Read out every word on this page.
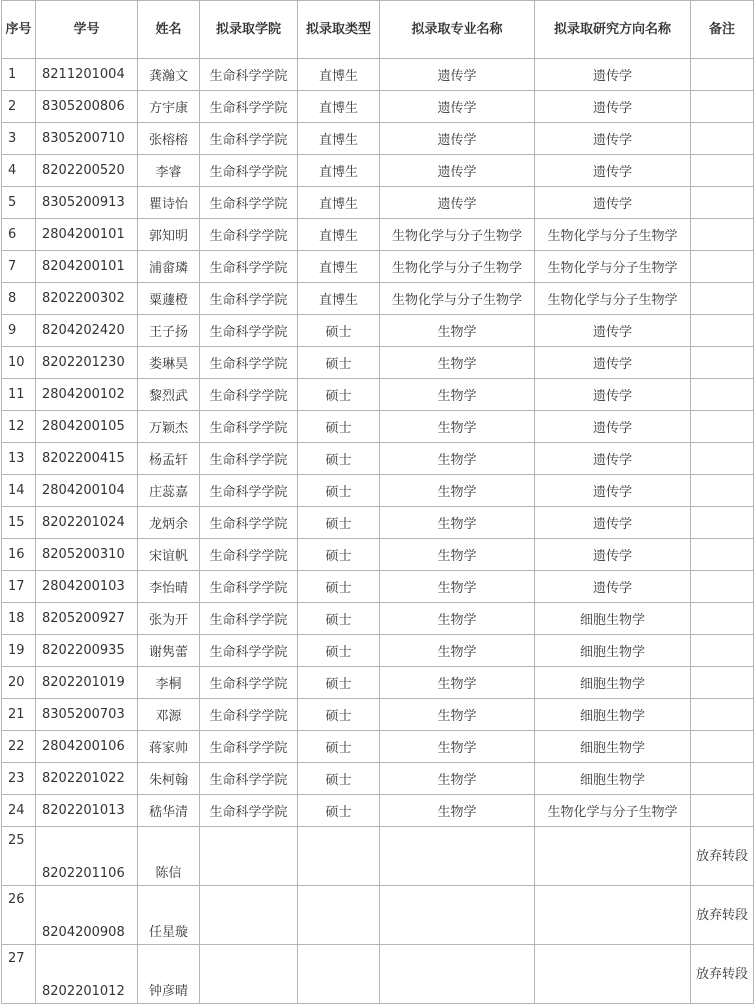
序号	学号	姓名	拟录取学院	拟录取类型	拟录取专业名称	拟录取研究方向名称	备注
1	8211201004	龚瀚文	生命科学学院	直博生	遗传学	遗传学	
2	8305200806	方宇康	生命科学学院	直博生	遗传学	遗传学	
3	8305200710	张榕榕	生命科学学院	直博生	遗传学	遗传学	
4	8202200520	李睿	生命科学学院	直博生	遗传学	遗传学	
5	8305200913	瞿诗怡	生命科学学院	直博生	遗传学	遗传学	
6	2804200101	郭知明	生命科学学院	直博生	生物化学与分子生物学	生物化学与分子生物学	
7	8204200101	浦畲璘	生命科学学院	直博生	生物化学与分子生物学	生物化学与分子生物学	
8	8202200302	粟蘧橙	生命科学学院	直博生	生物化学与分子生物学	生物化学与分子生物学	
9	8204202420	王子扬	生命科学学院	硕士	生物学	遗传学	
10	8202201230	娄琳昊	生命科学学院	硕士	生物学	遗传学	
11	2804200102	黎烈武	生命科学学院	硕士	生物学	遗传学	
12	2804200105	万颖杰	生命科学学院	硕士	生物学	遗传学	
13	8202200415	杨孟轩	生命科学学院	硕士	生物学	遗传学	
14	2804200104	庄蕊嘉	生命科学学院	硕士	生物学	遗传学	
15	8202201024	龙炳余	生命科学学院	硕士	生物学	遗传学	
16	8205200310	宋谊帆	生命科学学院	硕士	生物学	遗传学	
17	2804200103	李怡晴	生命科学学院	硕士	生物学	遗传学	
18	8205200927	张为开	生命科学学院	硕士	生物学	细胞生物学	
19	8202200935	谢隽蕾	生命科学学院	硕士	生物学	细胞生物学	
20	8202201019	李桐	生命科学学院	硕士	生物学	细胞生物学	
21	8305200703	邓源	生命科学学院	硕士	生物学	细胞生物学	
22	2804200106	蒋家帅	生命科学学院	硕士	生物学	细胞生物学	
23	8202201022	朱柯翰	生命科学学院	硕士	生物学	细胞生物学	
24	8202201013	嵇华清	生命科学学院	硕士	生物学	生物化学与分子生物学	
25	8202201106	陈信					放弃转段
26	8204200908	任星璇					放弃转段
27	8202201012	钟彦晴					放弃转段
